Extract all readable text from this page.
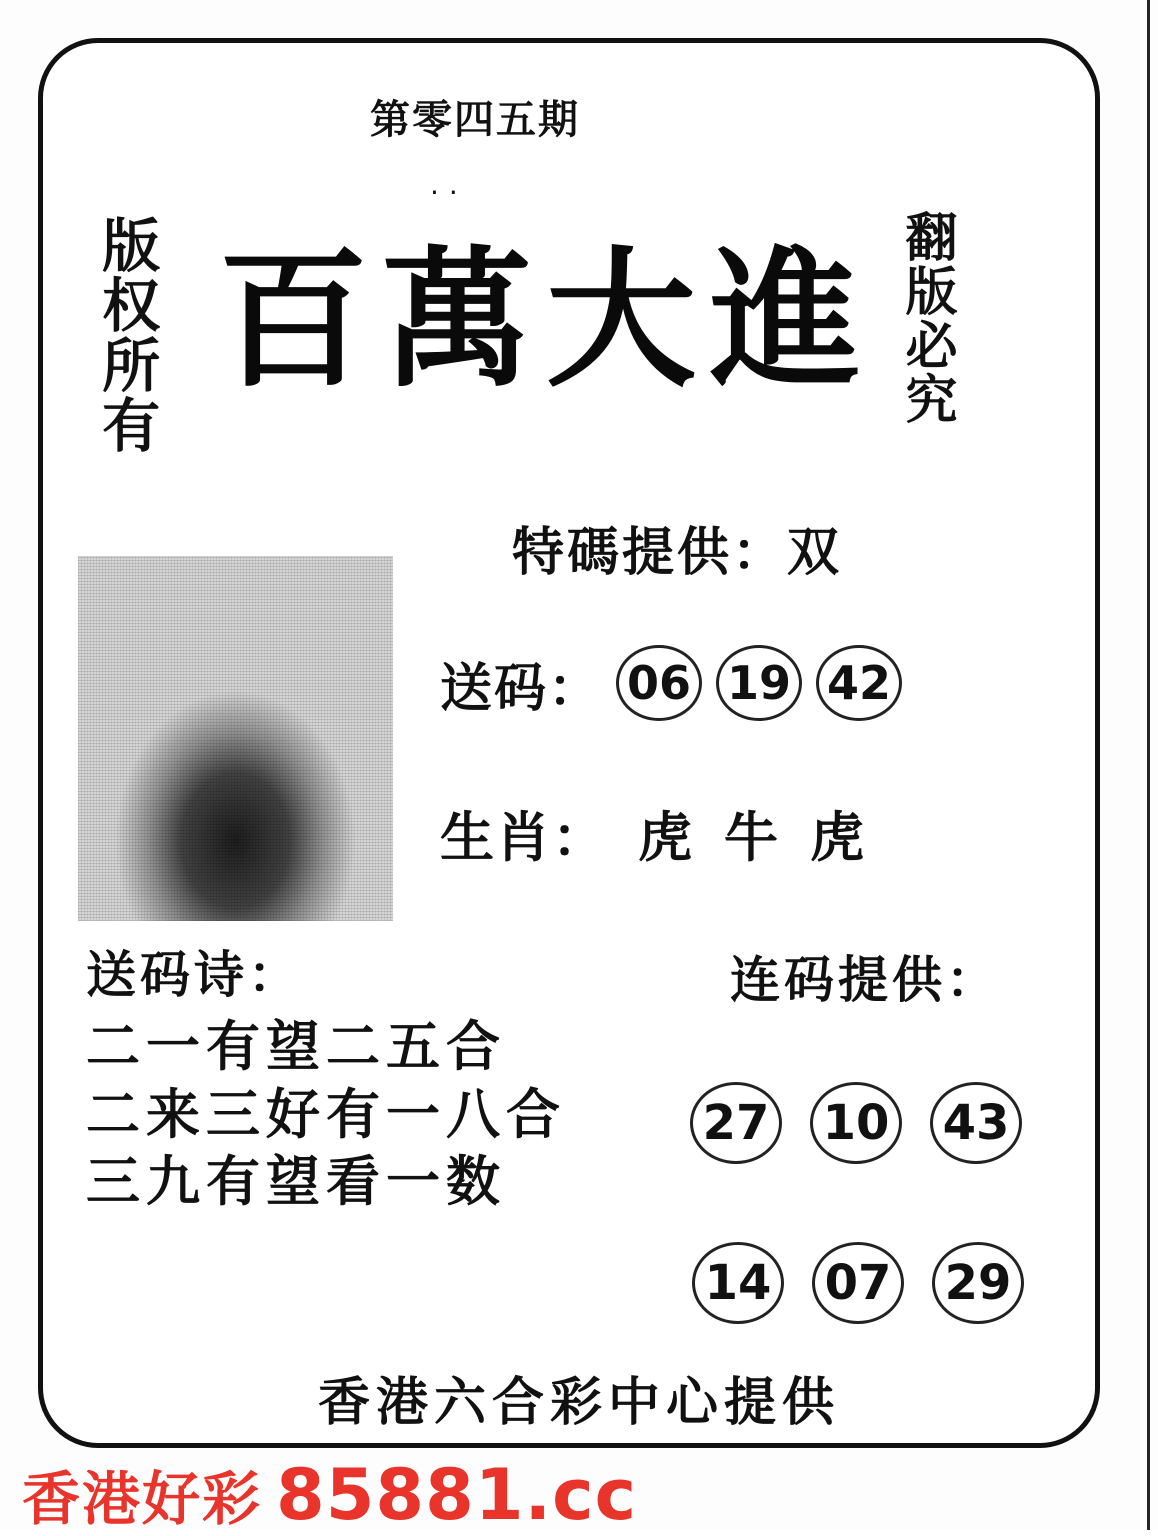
第零四五期
··
版权所有	翻版必究
百萬大進
特碼提供：双
送码： 06 19 42
生肖： 虎 牛 虎
送码诗：
二一有望二五合
二来三好有一八合
三九有望看一数
连码提供：
27 10 43
14 07 29
香港六合彩中心提供
香港好彩 85881.cc
